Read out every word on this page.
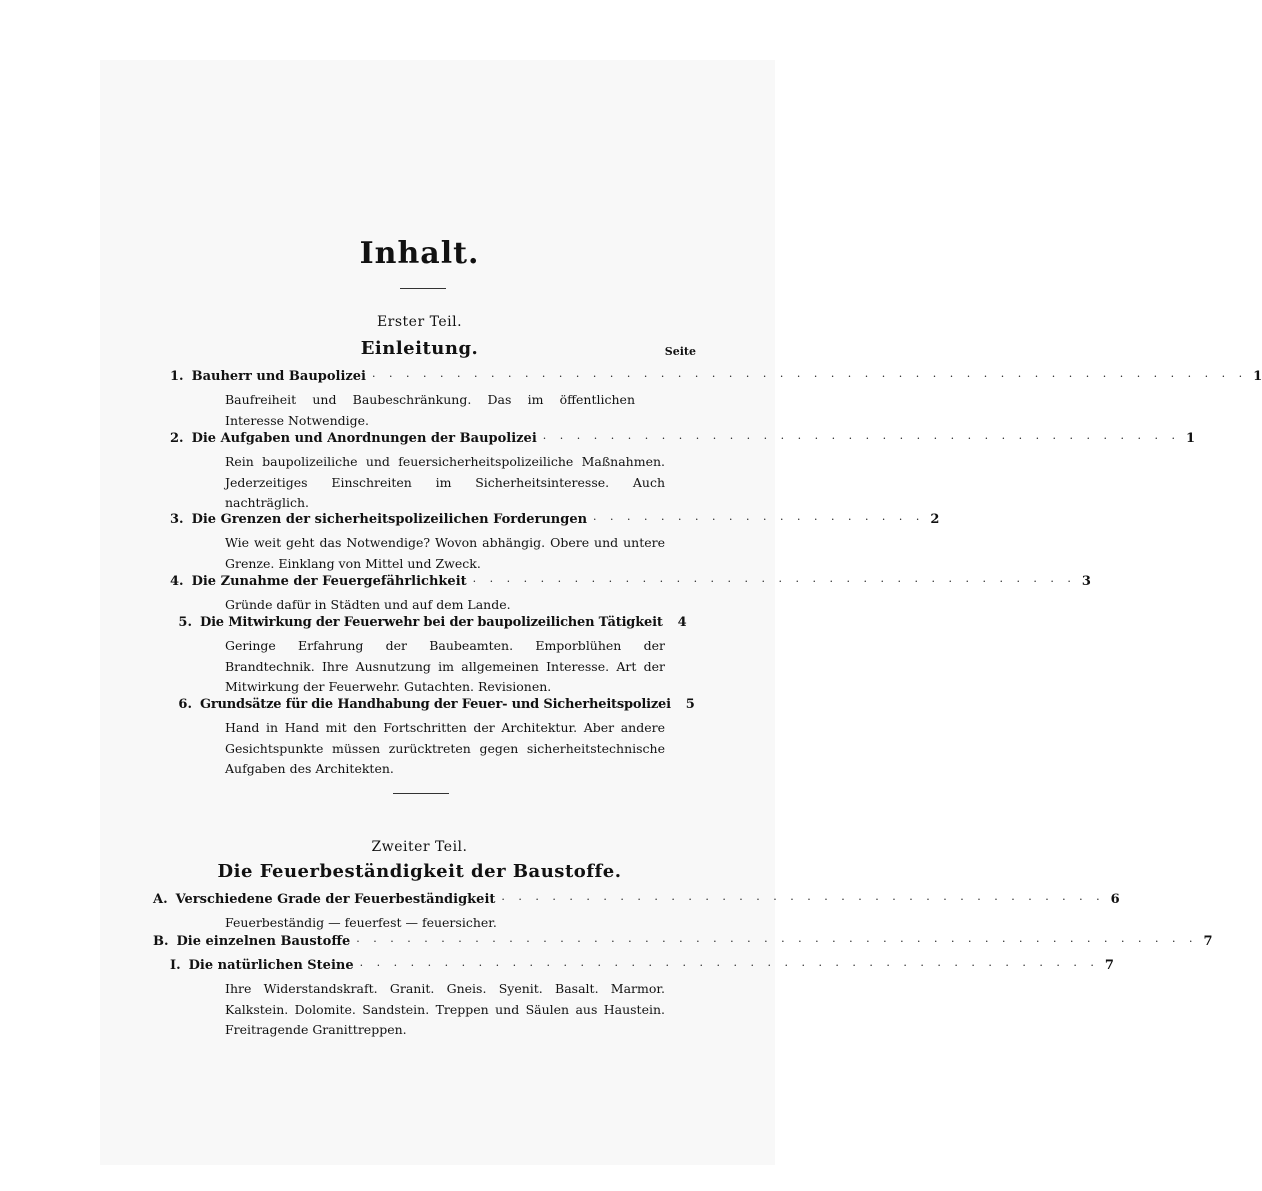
Inhalt.
Erster Teil.
Einleitung.	Seite
1. Bauherr und Baupolizei · · · · · · · · · · · · · · · · · · · · · · · · · · · · · · · · · · · · · · · · · · · · · · · · · · · · 1
Baufreiheit und Baubeschränkung. Das im öffentlichen Interesse Notwendige.
2. Die Aufgaben und Anordnungen der Baupolizei · · · · · · · · · · · · · · · · · · · · · · · · · · · · · · · · · · · · · · 1
Rein baupolizeiliche und feuersicherheitspolizeiliche Maßnahmen. Jederzeitiges Einschreiten im Sicherheitsinteresse. Auch nachträglich.
3. Die Grenzen der sicherheitspolizeilichen Forderungen · · · · · · · · · · · · · · · · · · · · 2
Wie weit geht das Notwendige? Wovon abhängig. Obere und untere Grenze. Einklang von Mittel und Zweck.
4. Die Zunahme der Feuergefährlichkeit · · · · · · · · · · · · · · · · · · · · · · · · · · · · · · · · · · · · 3
Gründe dafür in Städten und auf dem Lande.
5. Die Mitwirkung der Feuerwehr bei der baupolizeilichen Tätigkeit	4
Geringe Erfahrung der Baubeamten. Emporblühen der Brandtechnik. Ihre Ausnutzung im allgemeinen Interesse. Art der Mitwirkung der Feuerwehr. Gutachten. Revisionen.
6. Grundsätze für die Handhabung der Feuer- und Sicherheitspolizei	5
Hand in Hand mit den Fortschritten der Architektur. Aber andere Gesichtspunkte müssen zurücktreten gegen sicherheitstechnische Aufgaben des Architekten.
Zweiter Teil.
Die Feuerbeständigkeit der Baustoffe.
A. Verschiedene Grade der Feuerbeständigkeit · · · · · · · · · · · · · · · · · · · · · · · · · · · · · · · · · · · · 6
Feuerbeständig — feuerfest — feuersicher.
B. Die einzelnen Baustoffe · · · · · · · · · · · · · · · · · · · · · · · · · · · · · · · · · · · · · · · · · · · · · · · · · · 7
I. Die natürlichen Steine · · · · · · · · · · · · · · · · · · · · · · · · · · · · · · · · · · · · · · · · · · · · 7
Ihre Widerstandskraft. Granit. Gneis. Syenit. Basalt. Marmor. Kalkstein. Dolomite. Sandstein. Treppen und Säulen aus Haustein. Freitragende Granittreppen.
